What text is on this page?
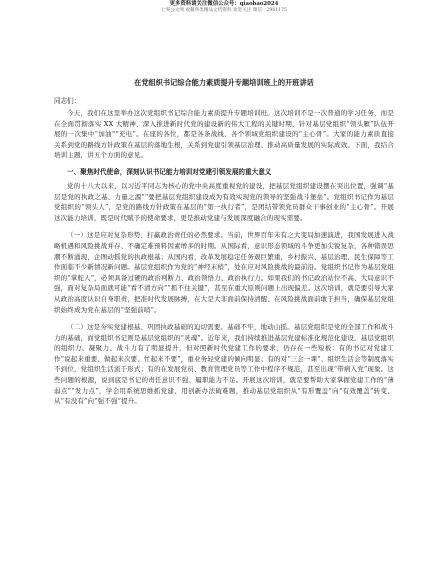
更多资料请关注微信公众号：qiaobao2024
七零公文网 收藏各类精品文档资料 欢迎关注 微信：2961175
在党组织书记综合能力素质提升专题培训班上的开班讲话
同志们：

今天，我们在这里举办这次党组织书记综合能力素质提升专题培训班。这次培训不是一次普通的学习任务，而是在全面贯彻落实 XX 大精神、深入推进新时代党的建设新的伟大工程的关键时期，针对基层党组织“领头雁”队伍开展的一次集中“加油”“充电”。在座的各位，都是各条战线、各个领域党组织建设的“主心骨”。大家的能力素质直接关系到党的路线方针政策在基层的落地生根，关系到党建引领基层治理、推动高质量发展的实际成效。下面，我结合培训主题，讲五个方面的意见。

一、聚焦时代使命，深刻认识书记能力培训对党建引领发展的重大意义

党的十八大以来，以习近平同志为核心的党中央高度重视党的建设，把基层党组织建设摆在突出位置，强调“基层是党的执政之基、力量之源”“要把基层党组织建设成为有效实现党的领导的坚强战斗堡垒”。党组织书记作为基层党组织的“领头人”，是党的路线方针政策在基层的“第一执行者”，是团结带领党员群众干事创业的“主心骨”。开展这次能力培训，既是时代赋予的使命要求，更是推动党建与发展深度融合的现实需要。

（一）这是应对复杂形势、打赢政治责任的必然要求。当前，世界百年未有之大变局加速演进，我国发展进入战略机遇和风险挑战并存、不确定难预料因素增多的时期。从国际看，意识形态领域的斗争更加尖锐复杂，各种错误思潮不断涌现，企图动摇党的执政根基；从国内看，改革发展稳定任务艰巨繁重，乡村振兴、基层治理、民生保障等工作面临不少新情况新问题。基层党组织作为党的“神经末梢”，处在应对风险挑战的最前沿。党组织书记作为基层党组织的“掌舵人”，必须具备过硬的政治判断力、政治领悟力、政治执行力。如果我们的书记政治站位不高、大局意识不强，面对复杂局面就可能“看不清方向”“抓不住关键”，甚至在重大原则问题上出现偏差。这次培训，就是要引导大家从政治高度认识自身职责，把准时代发展脉搏，在大是大非面前保持清醒、在风险挑战面前敢于担当，确保基层党组织始终成为党在基层的“坚强前哨”。

（二）这是夯实党建根基、巩固执政基础的迫切需要。基础不牢，地动山摇。基层党组织是党的全部工作和战斗力的基础，而党组织书记则是基层党组织的“灵魂”。近年来，我们持续推进基层党建标准化规范化建设，基层党组织的组织力、凝聚力、战斗力有了明显提升，但对照新时代党建工作的要求，仍存在一些短板：有的书记对党建工作“说起来重要、做起来次要、忙起来不要”，重业务轻党建的倾向明显；有的对“三会一课”、组织生活会等制度落实不到位，党组织生活流于形式；有的在发展党员、教育管理党员等工作中程序不规范，甚至出现“带病入党”现象。这些问题的根源，说到底是书记的责任意识不强、履职能力不足。开展这次培训，就是要帮助大家掌握党建工作的“薄弱点”“发力点”，学会用系统思维抓党建、用创新办法破难题，推动基层党组织从“有形覆盖”向“有效覆盖”转变，从“有没有”向“强不强”提升。
